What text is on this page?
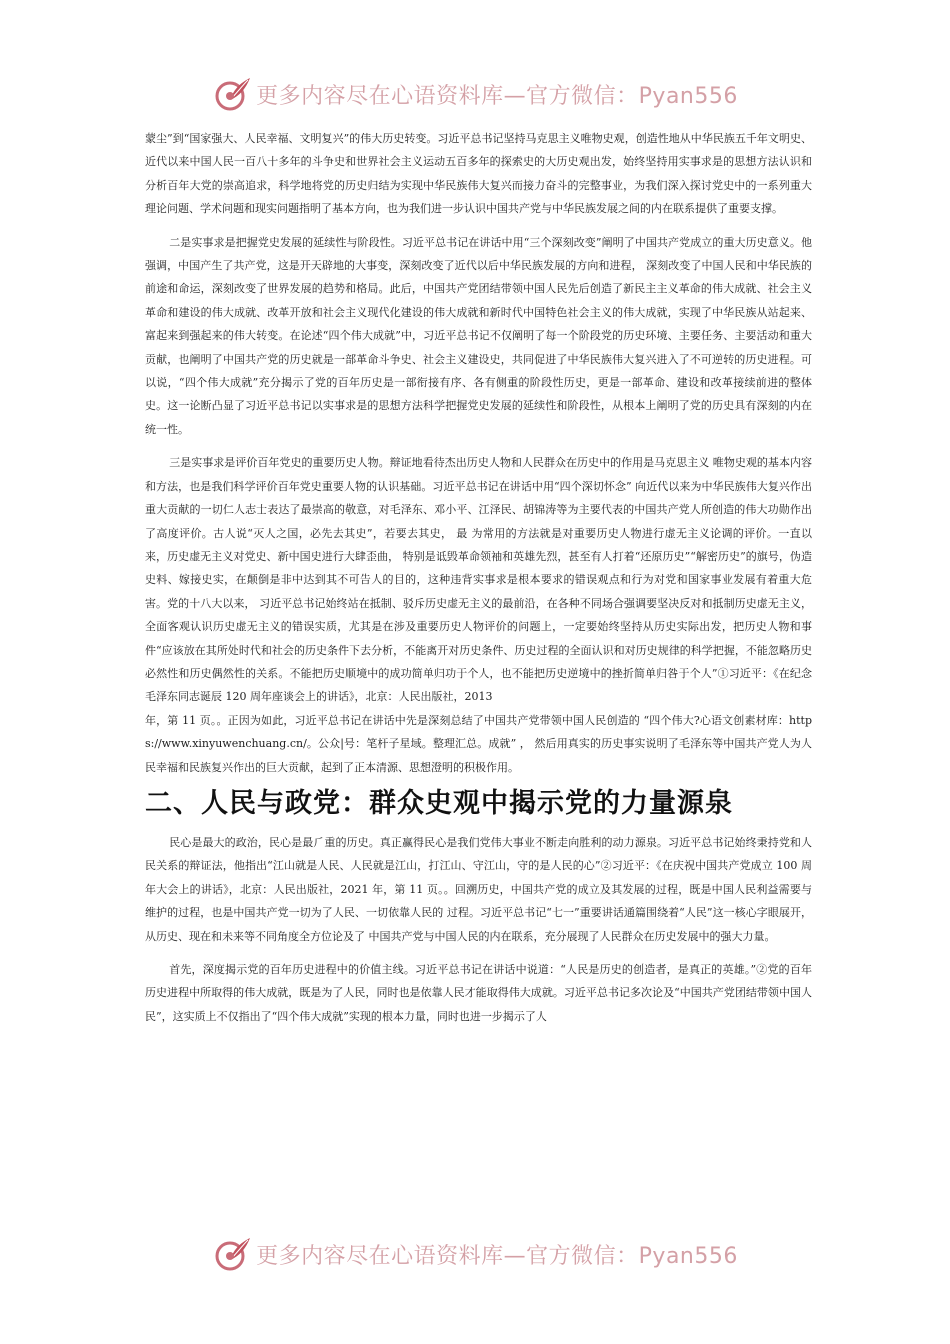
更多内容尽在心语资料库—官方微信：Pyan556

蒙尘”到“国家强大、人民幸福、文明复兴”的伟大历史转变。习近平总书记坚持马克思主义唯物史观，创造性地从中华民族五千年文明史、近代以来中国人民一百八十多年的斗争史和世界社会主义运动五百多年的探索史的大历史观出发，始终坚持用实事求是的思想方法认识和分析百年大党的崇高追求，科学地将党的历史归结为实现中华民族伟大复兴而接力奋斗的完整事业，为我们深入探讨党史中的一系列重大理论问题、学术问题和现实问题指明了基本方向，也为我们进一步认识中国共产党与中华民族发展之间的内在联系提供了重要支撑。

二是实事求是把握党史发展的延续性与阶段性。习近平总书记在讲话中用“三个深刻改变”阐明了中国共产党成立的重大历史意义。他强调，中国产生了共产党，这是开天辟地的大事变，深刻改变了近代以后中华民族发展的方向和进程， 深刻改变了中国人民和中华民族的前途和命运，深刻改变了世界发展的趋势和格局。此后，中国共产党团结带领中国人民先后创造了新民主主义革命的伟大成就、社会主义革命和建设的伟大成就、改革开放和社会主义现代化建设的伟大成就和新时代中国特色社会主义的伟大成就，实现了中华民族从站起来、富起来到强起来的伟大转变。在论述“四个伟大成就”中，习近平总书记不仅阐明了每一个阶段党的历史环境、主要任务、主要活动和重大贡献，也阐明了中国共产党的历史就是一部革命斗争史、社会主义建设史，共同促进了中华民族伟大复兴进入了不可逆转的历史进程。可以说，“四个伟大成就”充分揭示了党的百年历史是一部衔接有序、各有侧重的阶段性历史，更是一部革命、建设和改革接续前进的整体史。这一论断凸显了习近平总书记以实事求是的思想方法科学把握党史发展的延续性和阶段性，从根本上阐明了党的历史具有深刻的内在统一性。

三是实事求是评价百年党史的重要历史人物。辩证地看待杰出历史人物和人民群众在历史中的作用是马克思主义 唯物史观的基本内容和方法，也是我们科学评价百年党史重要人物的认识基础。习近平总书记在讲话中用“四个深切怀念” 向近代以来为中华民族伟大复兴作出重大贡献的一切仁人志士表达了最崇高的敬意，对毛泽东、邓小平、江泽民、胡锦涛等为主要代表的中国共产党人所创造的伟大功勋作出了高度评价。古人说“灭人之国，必先去其史”，若要去其史， 最 为常用的方法就是对重要历史人物进行虚无主义论调的评价。一直以来，历史虚无主义对党史、新中国史进行大肆歪曲， 特别是诋毁革命领袖和英雄先烈，甚至有人打着“还原历史”“解密历史”的旗号，伪造史料、嫁接史实，在颠倒是非中达到其不可告人的目的，这种违背实事求是根本要求的错误观点和行为对党和国家事业发展有着重大危害。党的十八大以来， 习近平总书记始终站在抵制、驳斥历史虚无主义的最前沿，在各种不同场合强调要坚决反对和抵制历史虚无主义，全面客观认识历史虚无主义的错误实质，尤其是在涉及重要历史人物评价的问题上，一定要始终坚持从历史实际出发，把历史人物和事件“应该放在其所处时代和社会的历史条件下去分析，不能离开对历史条件、历史过程的全面认识和对历史规律的科学把握，不能忽略历史必然性和历史偶然性的关系。不能把历史顺境中的成功简单归功于个人，也不能把历史逆境中的挫折简单归咎于个人”①习近平：《在纪念毛泽东同志诞辰 120 周年座谈会上的讲话》，北京：人民出版社，2013

年，第 11 页。。正因为如此，习近平总书记在讲话中先是深刻总结了中国共产党带领中国人民创造的 “四个伟大?心语文创素材库：https://www.xinyuwenchuang.cn/。公众|号：笔杆子星域。整理汇总。成就” ， 然后用真实的历史事实说明了毛泽东等中国共产党人为人民幸福和民族复兴作出的巨大贡献，起到了正本清源、思想澄明的积极作用。

二、人民与政党：群众史观中揭示党的力量源泉

民心是最大的政治，民心是最⺁重的历史。真正赢得民心是我们党伟大事业不断走向胜利的动力源泉。习近平总书记始终秉持党和人民关系的辩证法，他指出“江山就是人民、人民就是江山，打江山、守江山，守的是人民的心”②习近平：《在庆祝中国共产党成立 100 周年大会上的讲话》，北京：人民出版社，2021 年，第 11 页。。回溯历史，中国共产党的成立及其发展的过程，既是中国人民利益需要与维护的过程，也是中国共产党一切为了人民、一切依靠人民的 过程。习近平总书记“七一”重要讲话通篇围绕着“人民”这一核心字眼展开，从历史、现在和未来等不同角度全方位论及了 中国共产党与中国人民的内在联系，充分展现了人民群众在历史发展中的强大力量。

首先，深度揭示党的百年历史进程中的价值主线。习近平总书记在讲话中说道：“人民是历史的创造者，是真正的英雄。”②党的百年历史进程中所取得的伟大成就，既是为了人民，同时也是依靠人民才能取得伟大成就。习近平总书记多次论及“中国共产党团结带领中国人民”，这实质上不仅指出了“四个伟大成就”实现的根本力量，同时也进一步揭示了人

更多内容尽在心语资料库—官方微信：Pyan556
